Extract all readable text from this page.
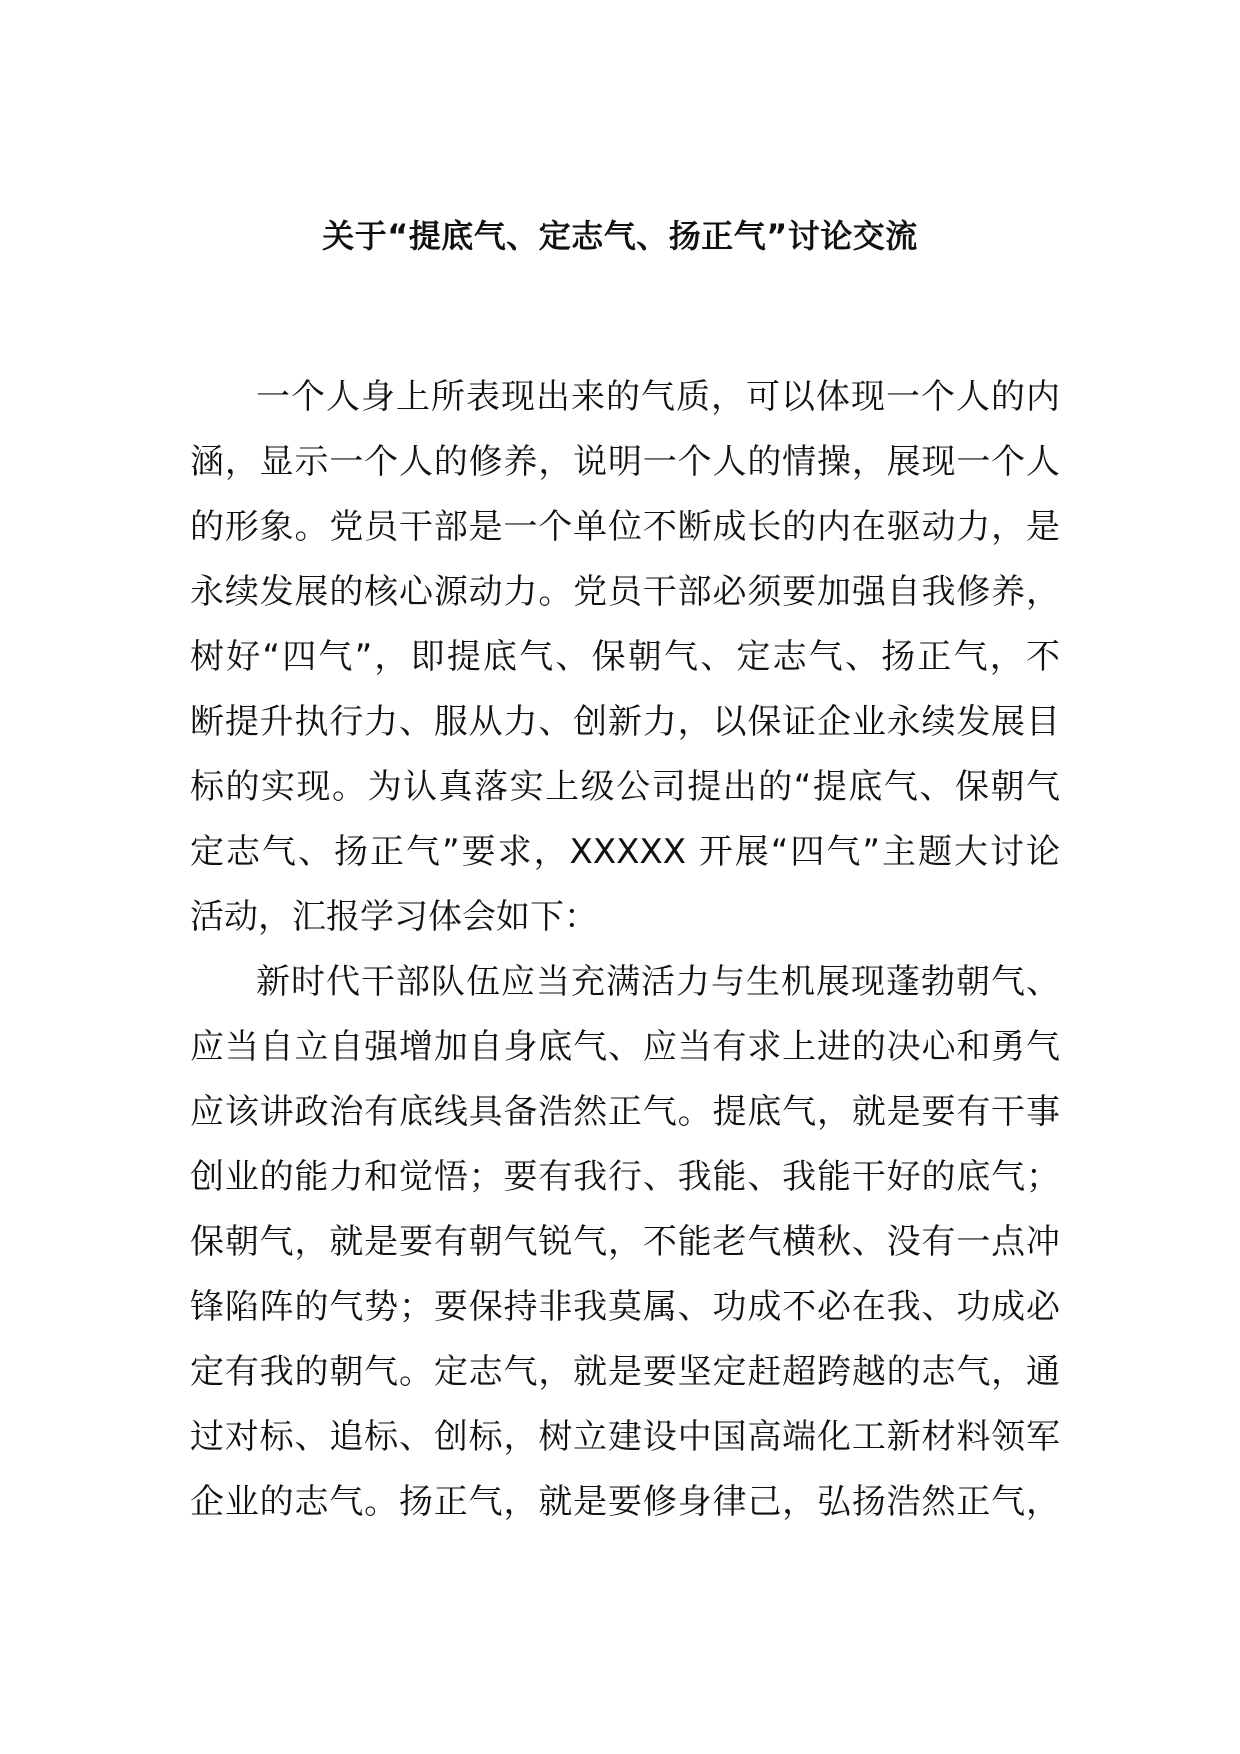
关于“提底气、定志气、扬正气”讨论交流
一个人身上所表现出来的气质，可以体现一个人的内
涵，显示一个人的修养，说明一个人的情操，展现一个人
的形象。党员干部是一个单位不断成长的内在驱动力，是
永续发展的核心源动力。党员干部必须要加强自我修养，
树好“四气”，即提底气、保朝气、定志气、扬正气，不
断提升执行力、服从力、创新力，以保证企业永续发展目
标的实现。为认真落实上级公司提出的“提底气、保朝气
定志气、扬正气”要求，XXXXX 开展“四气”主题大讨论
活动，汇报学习体会如下：
新时代干部队伍应当充满活力与生机展现蓬勃朝气、
应当自立自强增加自身底气、应当有求上进的决心和勇气
应该讲政治有底线具备浩然正气。提底气，就是要有干事
创业的能力和觉悟；要有我行、我能、我能干好的底气；
保朝气，就是要有朝气锐气，不能老气横秋、没有一点冲
锋陷阵的气势；要保持非我莫属、功成不必在我、功成必
定有我的朝气。定志气，就是要坚定赶超跨越的志气，通
过对标、追标、创标，树立建设中国高端化工新材料领军
企业的志气。扬正气，就是要修身律己，弘扬浩然正气，
